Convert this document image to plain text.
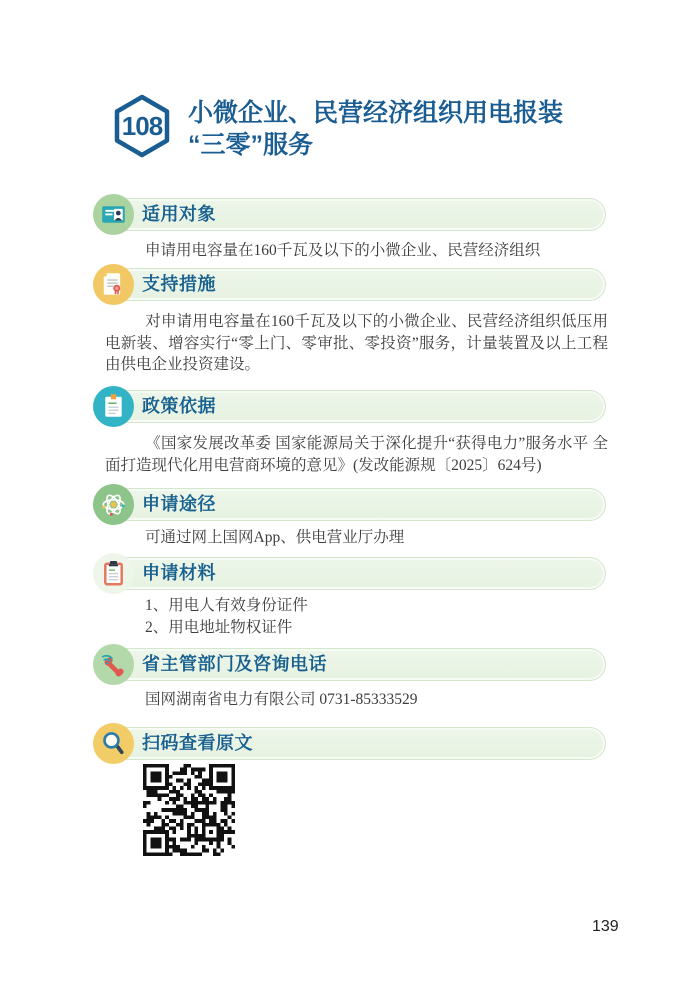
108	小微企业、民营经济组织用电报装
“三零”服务
适用对象
申请用电容量在160千瓦及以下的小微企业、民营经济组织
支持措施
对申请用电容量在160千瓦及以下的小微企业、民营经济组织低压用电新装、增容实行“零上门、零审批、零投资”服务，计量装置及以上工程由供电企业投资建设。
政策依据
《国家发展改革委 国家能源局关于深化提升“获得电力”服务水平 全面打造现代化用电营商环境的意见》(发改能源规〔2025〕624号)
申请途径
可通过网上国网App、供电营业厅办理
申请材料
1、用电人有效身份证件
2、用电地址物权证件
省主管部门及咨询电话
国网湖南省电力有限公司 0731-85333529
扫码查看原文
139
